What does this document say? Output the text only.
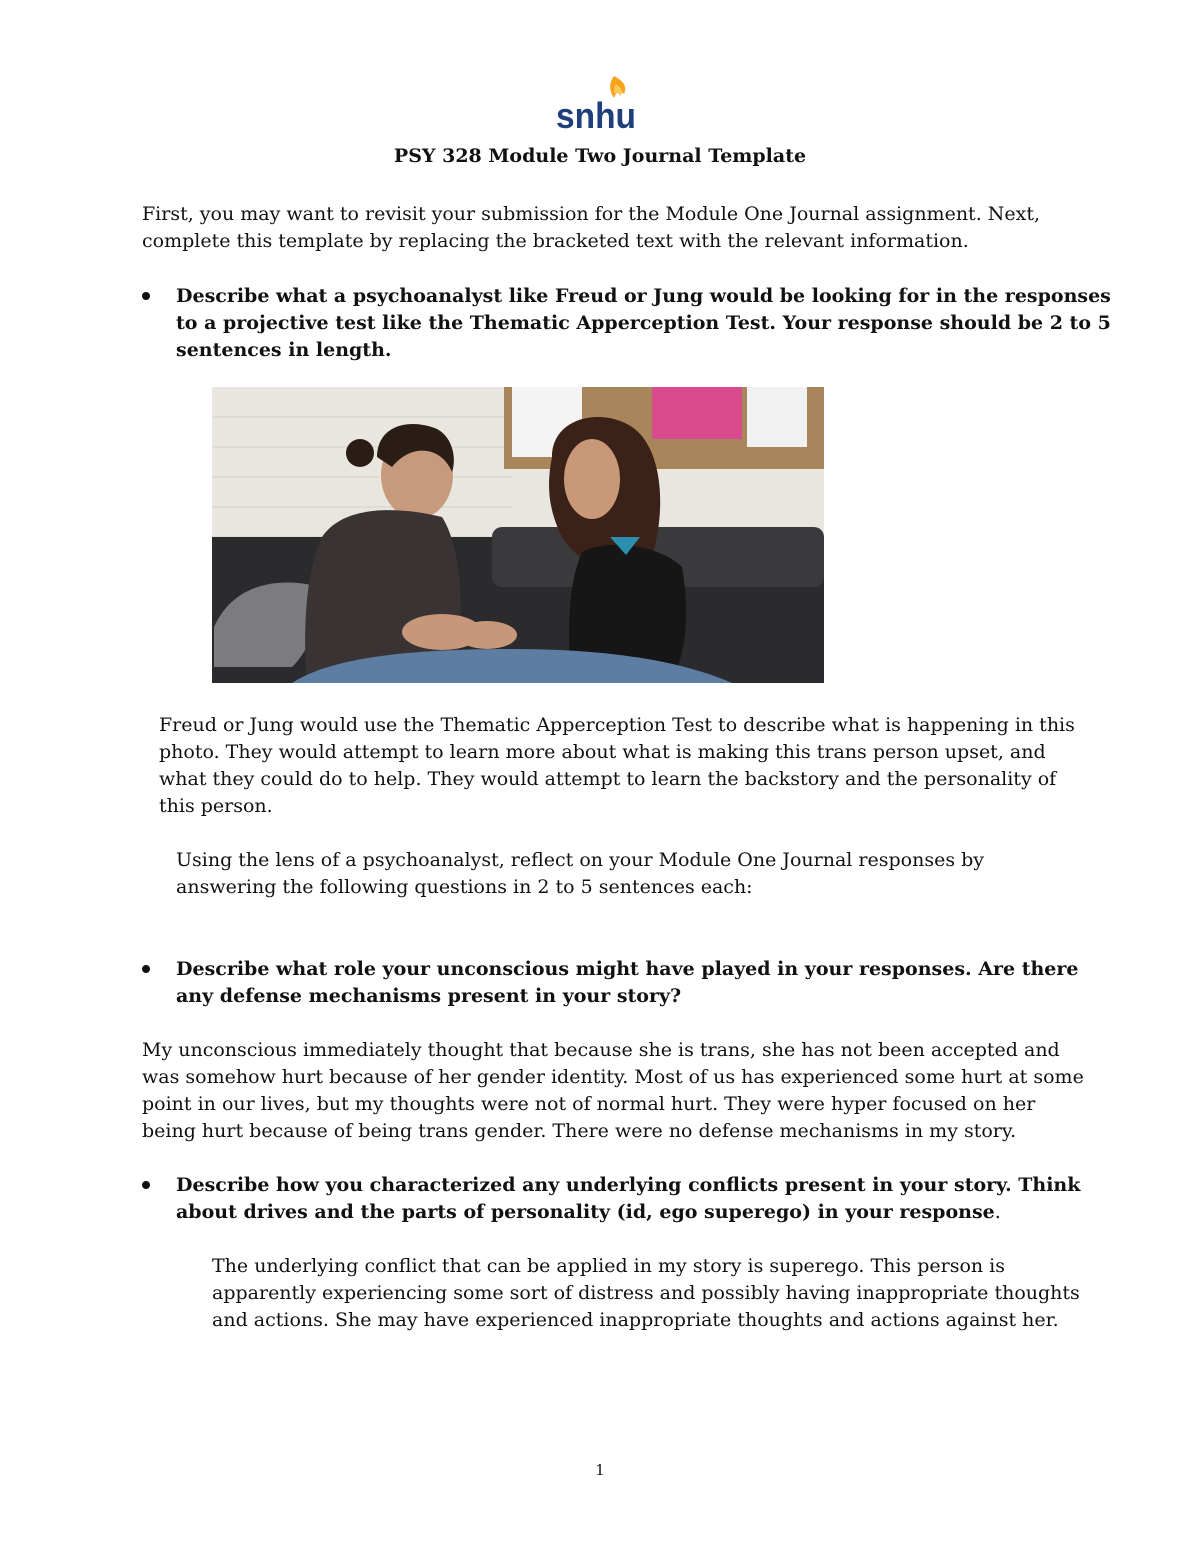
snhu
PSY 328 Module Two Journal Template

First, you may want to revisit your submission for the Module One Journal assignment. Next,

complete this template by replacing the bracketed text with the relevant information.

Describe what a psychoanalyst like Freud or Jung would be looking for in the responses

to a projective test like the Thematic Apperception Test. Your response should be 2 to 5

sentences in length.

Freud or Jung would use the Thematic Apperception Test to describe what is happening in this

photo. They would attempt to learn more about what is making this trans person upset, and

what they could do to help. They would attempt to learn the backstory and the personality of

this person.

Using the lens of a psychoanalyst, reflect on your Module One Journal responses by

answering the following questions in 2 to 5 sentences each:

Describe what role your unconscious might have played in your responses. Are there

any defense mechanisms present in your story?

My unconscious immediately thought that because she is trans, she has not been accepted and

was somehow hurt because of her gender identity. Most of us has experienced some hurt at some

point in our lives, but my thoughts were not of normal hurt. They were hyper focused on her

being hurt because of being trans gender. There were no defense mechanisms in my story.

Describe how you characterized any underlying conflicts present in your story. Think

about drives and the parts of personality (id, ego superego) in your response.

The underlying conflict that can be applied in my story is superego. This person is

apparently experiencing some sort of distress and possibly having inappropriate thoughts

and actions. She may have experienced inappropriate thoughts and actions against her.

1
